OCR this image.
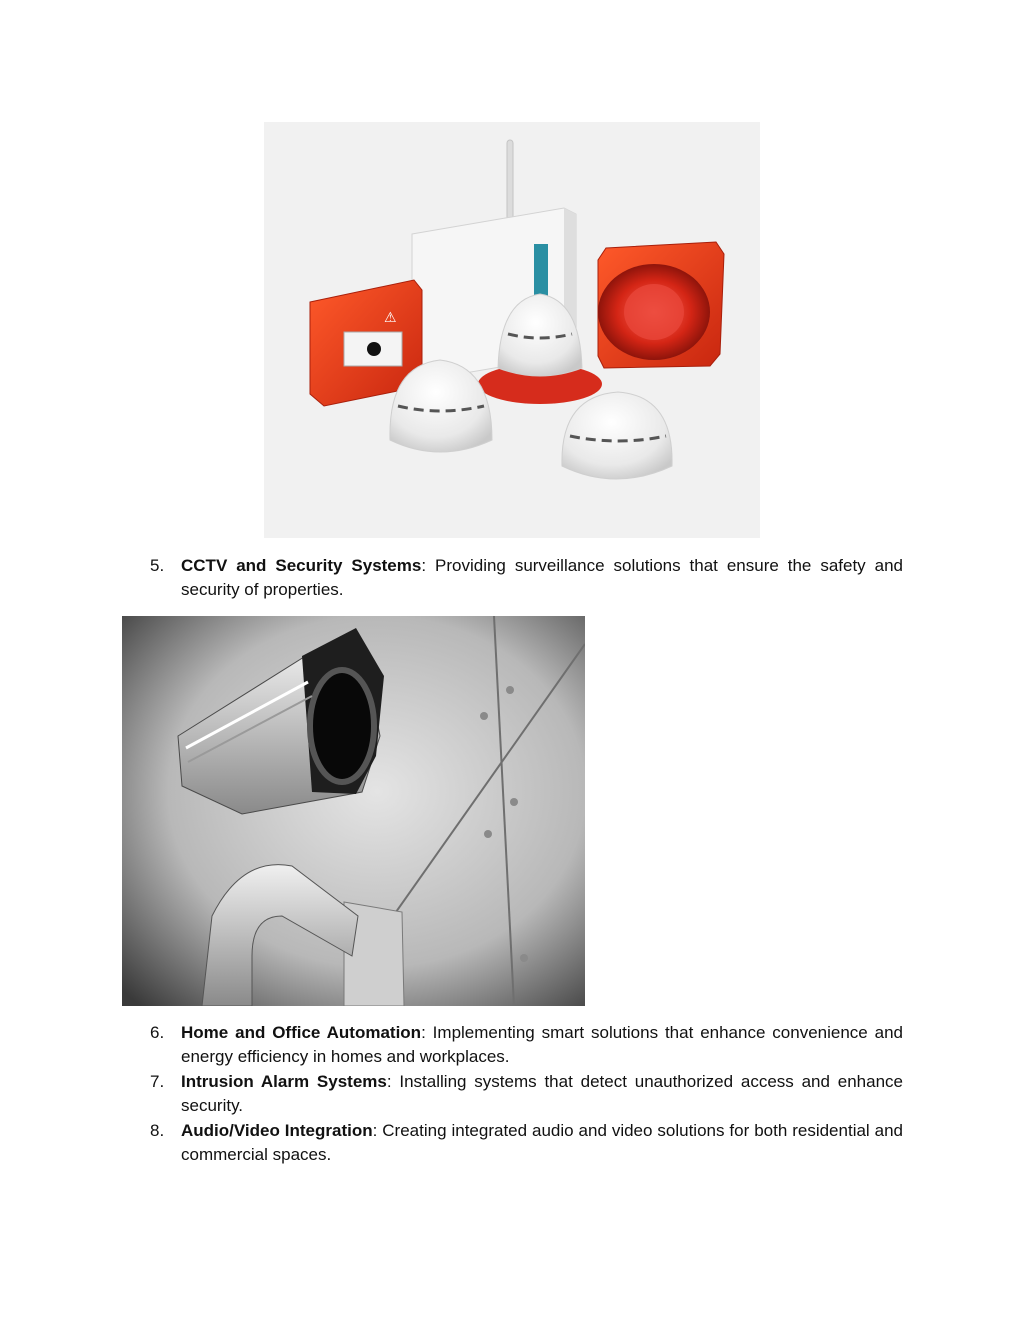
⚠
5. CCTV and Security Systems: Providing surveillance solutions that ensure the safety and security of properties.
6. Home and Office Automation: Implementing smart solutions that enhance convenience and energy efficiency in homes and workplaces.
7. Intrusion Alarm Systems: Installing systems that detect unauthorized access and enhance security.
8. Audio/Video Integration: Creating integrated audio and video solutions for both residential and commercial spaces.
